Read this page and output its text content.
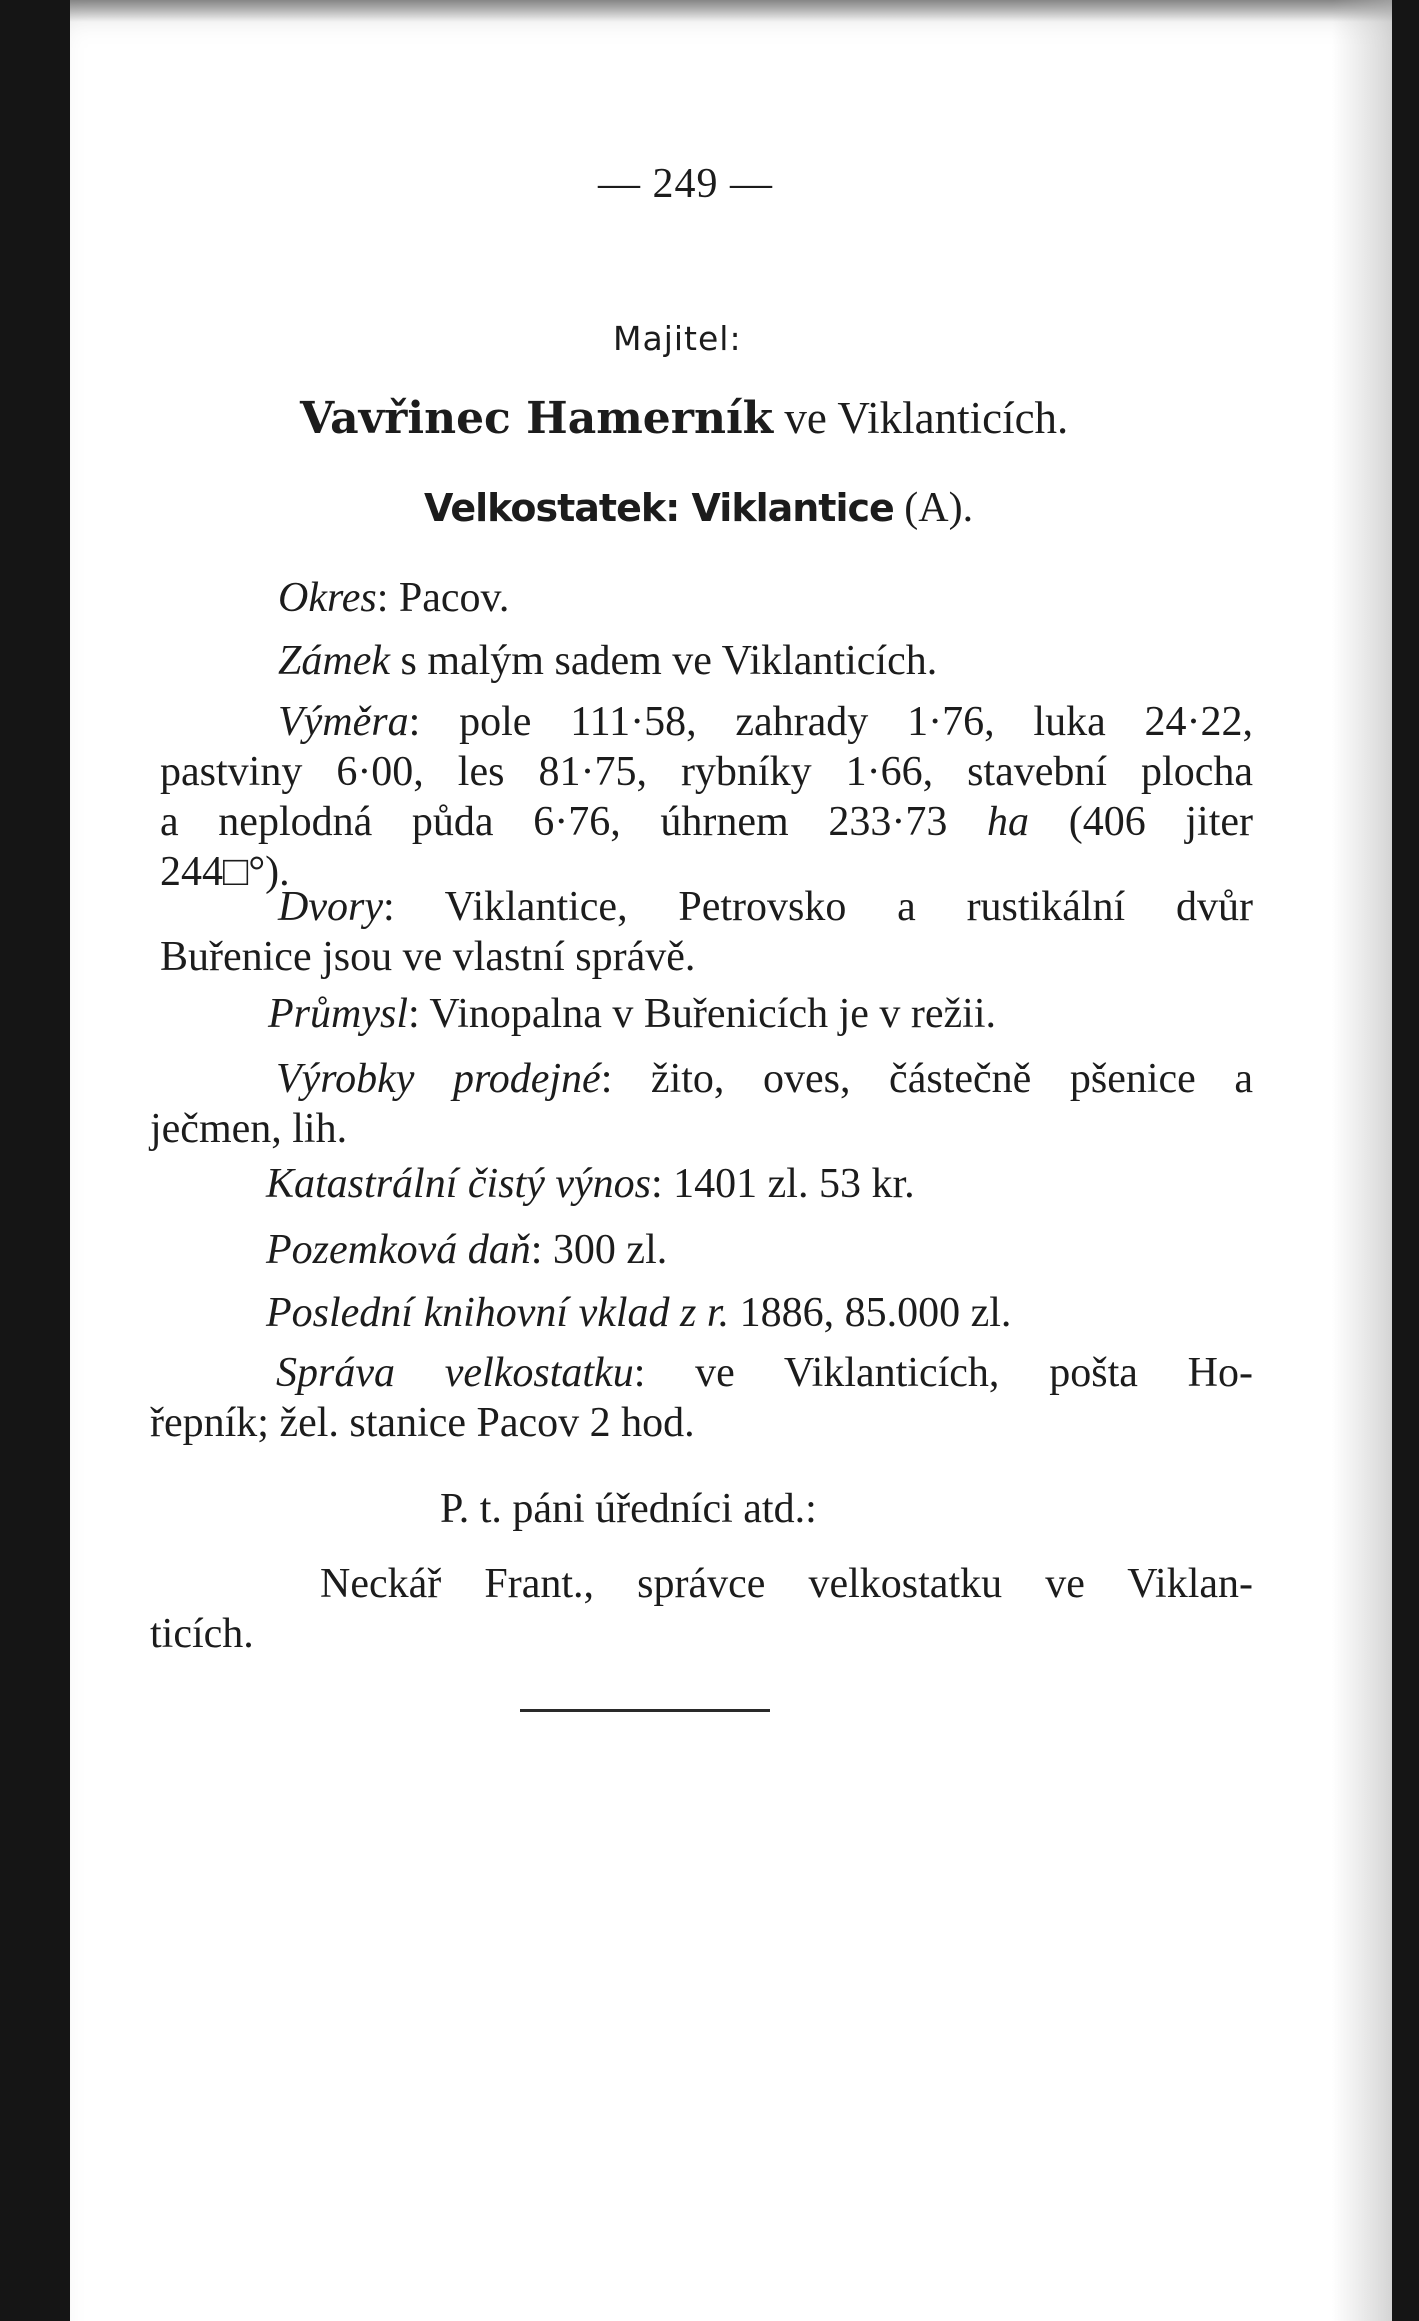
— 249 —
Majitel:
Vavřinec Hamerník ve Viklanticích.
Velkostatek: Viklantice (A).
Okres: Pacov.
Zámek s malým sadem ve Viklanticích.
Výměra: pole 111·58, zahrady 1·76, luka 24·22,
pastviny 6·00, les 81·75, rybníky 1·66, stavební plocha
a neplodná půda 6·76, úhrnem 233·73 ha (406 jiter
244□°).
Dvory: Viklantice, Petrovsko a rustikální dvůr
Buřenice jsou ve vlastní správě.
Průmysl: Vinopalna v Buřenicích je v režii.
Výrobky prodejné: žito, oves, částečně pšenice a
ječmen, lih.
Katastrální čistý výnos: 1401 zl. 53 kr.
Pozemková daň: 300 zl.
Poslední knihovní vklad z r. 1886, 85.000 zl.
Správa velkostatku: ve Viklanticích, pošta Ho-
řepník; žel. stanice Pacov 2 hod.
P. t. páni úředníci atd.:
Neckář Frant., správce velkostatku ve Viklan-
ticích.
